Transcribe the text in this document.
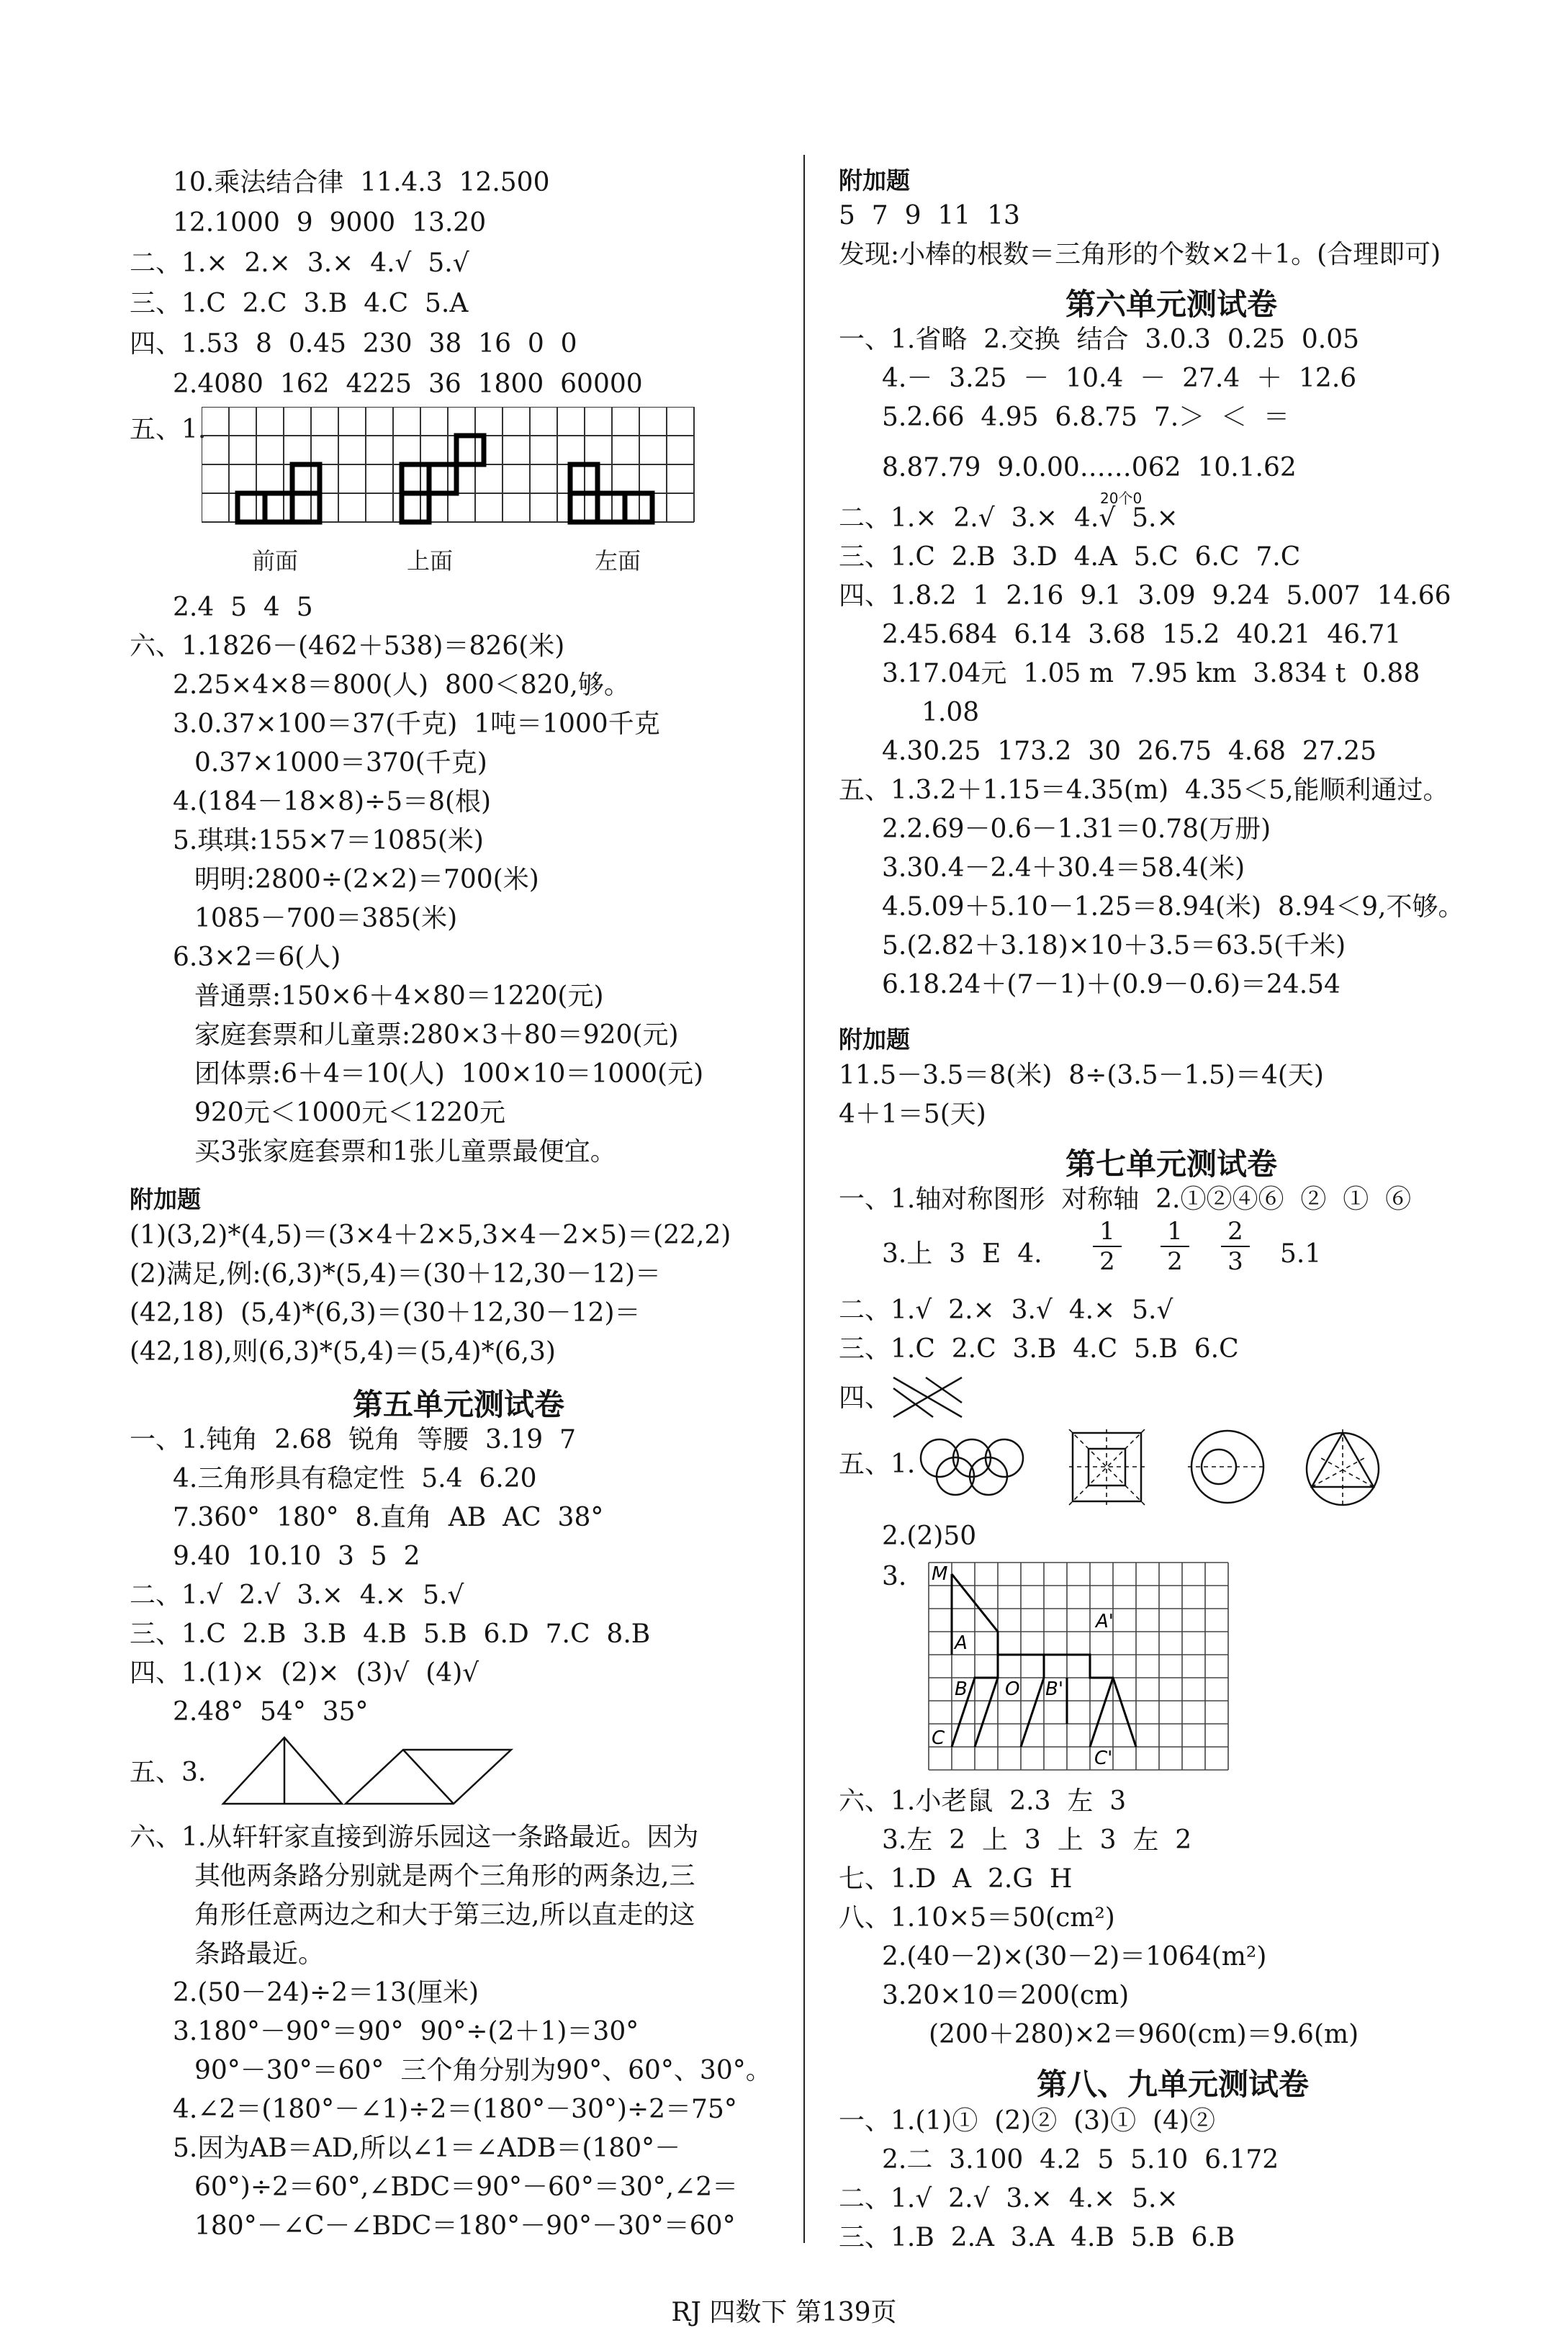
10.乘法结合律  11.4.3  12.500
12.1000  9  9000  13.20
二、1.×  2.×  3.×  4.√  5.√
三、1.C  2.C  3.B  4.C  5.A
四、1.53  8  0.45  230  38  16  0  0
2.4080  162  4225  36  1800  60000
五、1.
前面	上面	左面
2.4  5  4  5
六、1.1826－(462＋538)＝826(米)
2.25×4×8＝800(人)  800＜820,够。
3.0.37×100＝37(千克)  1吨＝1000千克
0.37×1000＝370(千克)
4.(184－18×8)÷5＝8(根)
5.琪琪:155×7＝1085(米)
明明:2800÷(2×2)＝700(米)
1085－700＝385(米)
6.3×2＝6(人)
普通票:150×6＋4×80＝1220(元)
家庭套票和儿童票:280×3＋80＝920(元)
团体票:6＋4＝10(人)  100×10＝1000(元)
920元＜1000元＜1220元
买3张家庭套票和1张儿童票最便宜。
附加题
(1)(3,2)*(4,5)＝(3×4＋2×5,3×4－2×5)＝(22,2)
(2)满足,例:(6,3)*(5,4)＝(30＋12,30－12)＝
(42,18)  (5,4)*(6,3)＝(30＋12,30－12)＝
(42,18),则(6,3)*(5,4)＝(5,4)*(6,3)
第五单元测试卷
一、1.钝角  2.68  锐角  等腰  3.19  7
4.三角形具有稳定性  5.4  6.20
7.360°  180°  8.直角  AB  AC  38°
9.40  10.10  3  5  2
二、1.√  2.√  3.×  4.×  5.√
三、1.C  2.B  3.B  4.B  5.B  6.D  7.C  8.B
四、1.(1)×  (2)×  (3)√  (4)√
2.48°  54°  35°
五、3.
六、1.从轩轩家直接到游乐园这一条路最近。因为
其他两条路分别就是两个三角形的两条边,三
角形任意两边之和大于第三边,所以直走的这
条路最近。
2.(50－24)÷2＝13(厘米)
3.180°－90°＝90°  90°÷(2＋1)＝30°
90°－30°＝60°  三个角分别为90°、60°、30°。
4.∠2＝(180°－∠1)÷2＝(180°－30°)÷2＝75°
5.因为AB＝AD,所以∠1＝∠ADB＝(180°－
60°)÷2＝60°,∠BDC＝90°－60°＝30°,∠2＝
180°－∠C－∠BDC＝180°－90°－30°＝60°
附加题
5  7  9  11  13
发现:小棒的根数＝三角形的个数×2＋1。(合理即可)
第六单元测试卷
一、1.省略  2.交换  结合  3.0.3  0.25  0.05
4.－  3.25  －  10.4  －  27.4  ＋  12.6
5.2.66  4.95  6.8.75  7.＞  ＜  ＝
8.87.79  9.0.00……062  10.1.62
20个0
二、1.×  2.√  3.×  4.√  5.×
三、1.C  2.B  3.D  4.A  5.C  6.C  7.C
四、1.8.2  1  2.16  9.1  3.09  9.24  5.007  14.66
2.45.684  6.14  3.68  15.2  40.21  46.71
3.17.04元  1.05 m  7.95 km  3.834 t  0.88
1.08
4.30.25  173.2  30  26.75  4.68  27.25
五、1.3.2＋1.15＝4.35(m)  4.35＜5,能顺利通过。
2.2.69－0.6－1.31＝0.78(万册)
3.30.4－2.4＋30.4＝58.4(米)
4.5.09＋5.10－1.25＝8.94(米)  8.94＜9,不够。
5.(2.82＋3.18)×10＋3.5＝63.5(千米)
6.18.24＋(7－1)＋(0.9－0.6)＝24.54
附加题
11.5－3.5＝8(米)  8÷(3.5－1.5)＝4(天)
4＋1＝5(天)
第七单元测试卷
一、1.轴对称图形  对称轴  2.①②④⑥  ②  ①  ⑥
3.上  3  E  4. $\frac{1}{2} \frac{1}{2} \frac{2}{3} 5.1$
二、1.√  2.×  3.√  4.×  5.√
三、1.C  2.C  3.B  4.C  5.B  6.C
四、
五、1.
2.(2)50
3. M
A
A'
B O B'
C
C'
六、1.小老鼠  2.3  左  3
3.左  2  上  3  上  3  左  2
七、1.D  A  2.G  H
八、1.10×5＝50(cm²)
2.(40－2)×(30－2)＝1064(m²)
3.20×10＝200(cm)
(200＋280)×2＝960(cm)＝9.6(m)
第八、九单元测试卷
一、1.(1)①  (2)②  (3)①  (4)②
2.二  3.100  4.2  5  5.10  6.172
二、1.√  2.√  3.×  4.×  5.×
三、1.B  2.A  3.A  4.B  5.B  6.B
RJ 四数下 第139页
